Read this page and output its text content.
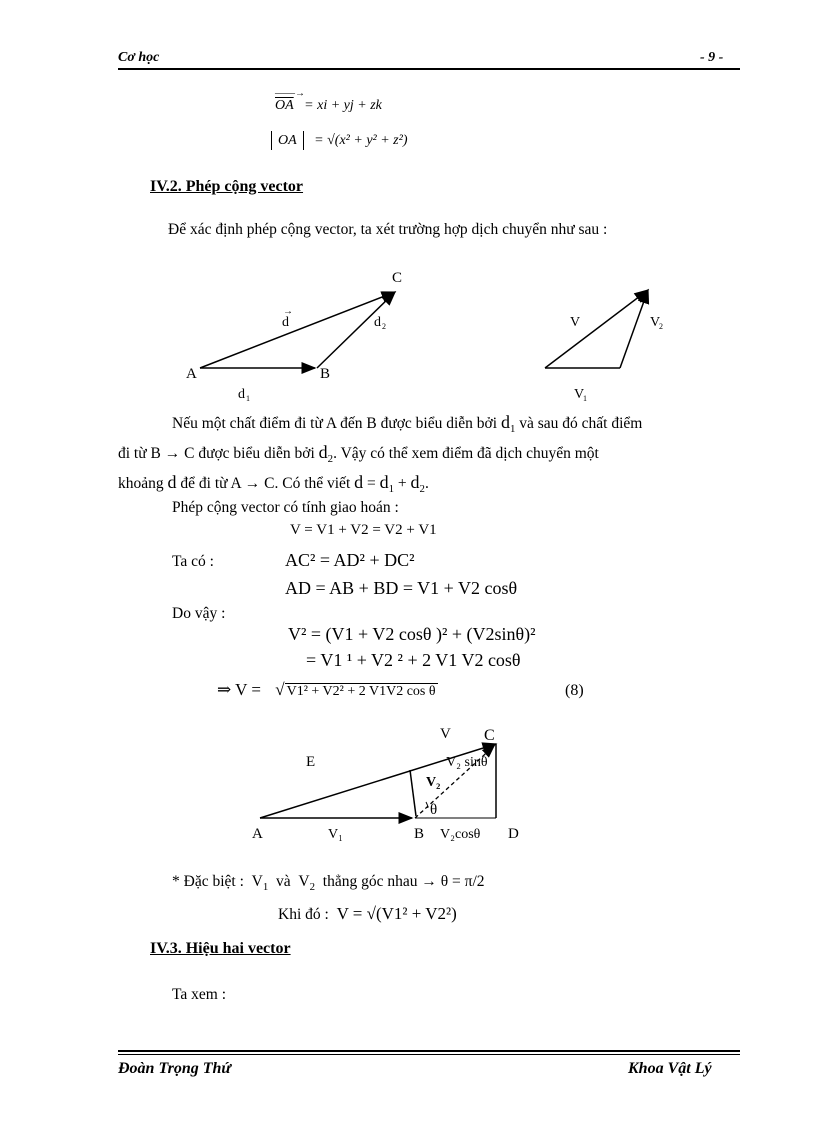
Cơ học	- 9 -
$\overline{OA}$
——→
= xi + yj + zk
OA = √(x² + y² + z²)
IV.2. Phép cộng vector
Để xác định phép cộng vector, ta xét trường hợp dịch chuyển như sau :
C
A	B
d
→
d 2
d 1
V	V
2
V
1
Nếu một chất điểm đi từ A đến B được biểu diễn bởi $d_1$ và sau đó chất điểm
đi từ B → C được biểu diễn bởi $d_2$. Vậy có thể xem điểm đã dịch chuyển một
khoảng d để đi từ A → C. Có thể viết $d = d_1 + d_2$.
Phép cộng vector có tính giao hoán :
V = V1 + V2 = V2 + V1
Ta có :	AC² = AD² + DC²
AD = AB + BD = V1 + V2 cosθ
Do vậy :
V² = (V1 + V2 cosθ )² + (V2sinθ)²
= V1 ¹ + V2 ² + 2 V1 V2 cosθ
⇒ V = √ V1² + V2² + 2 V1V2 cos θ	(8)
V C
E	V₂ sinθ
V₂
θ
A	V₁	B V₂cosθ D
* Đặc biệt :  $V_1$ và  $V_2$ thẳng góc nhau → θ = π/2
Khi đó : V = √(V1² + V2²)
IV.3. Hiệu hai vector
Ta xem :
Đoàn Trọng Thứ	Khoa Vật Lý
